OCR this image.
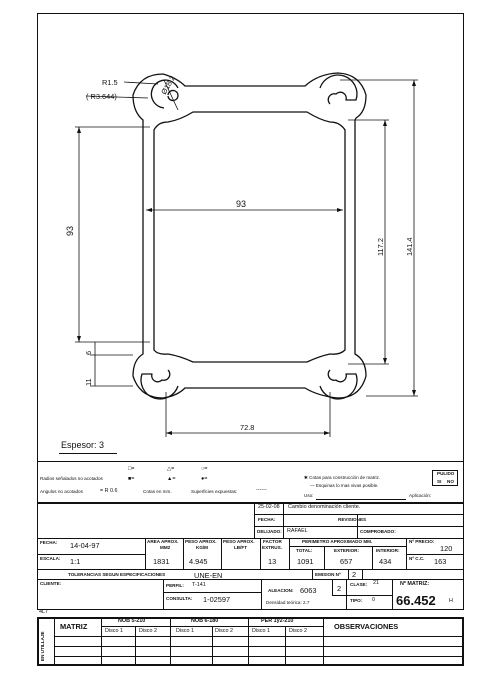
R1.5
( R3.644)
Ø18.2
93
93
117.2	141.4
6
11
72.8
Espesor: 3
Radios señalados no acotados
□=
■=
△=
▲=
○=
●=
Angulos no acotados	= R 0.6	Cotas en mm.	Superficies expuestas:	------
✱ Cotas para construcción de matriz.
— Esquinas lo mas vivas posible.
PULIDO
SI NO
Uso:	Aplicación:
25-02-08 Cambio denominación cliente.
FECHA:	REVISIONES
DELIJADO: RAFAEL	COMPROBADO:
FECHA: 14-04-97
ESCALA: 1:1
AREA APROX.
MM2
1831
PESO APROX.
KG/M
4.945
PESO APROX.
LB/FT
FACTOR
EXTRUS.
13
PERIMETRO APROXIMADO MM.
TOTAL:
1091
EXTERIOR:
657
INTERIOR:
434
Nº PRECIO:
120
Nº C.C. 163
TOLERANCIAS SEGUN ESPECIFICACIONES	UNE-EN	EMISION Nº 2
CLIENTE:	PERFIL: T-141
CONSULTA: 1-02597
ALEACION: 6063
Densidad teórica: 2.7
2 CLASE: 21
TIPO: 0
Nº MATRIZ:
66.452 H
4L7
EN UTILLAJE
MATRIZ
NOB 5-210	NOB 6-180	PER 1y2-210
OBSERVACIONES
Disco 1	Disco 2	Disco 1	Disco 2	Disco 1	Disco 2
